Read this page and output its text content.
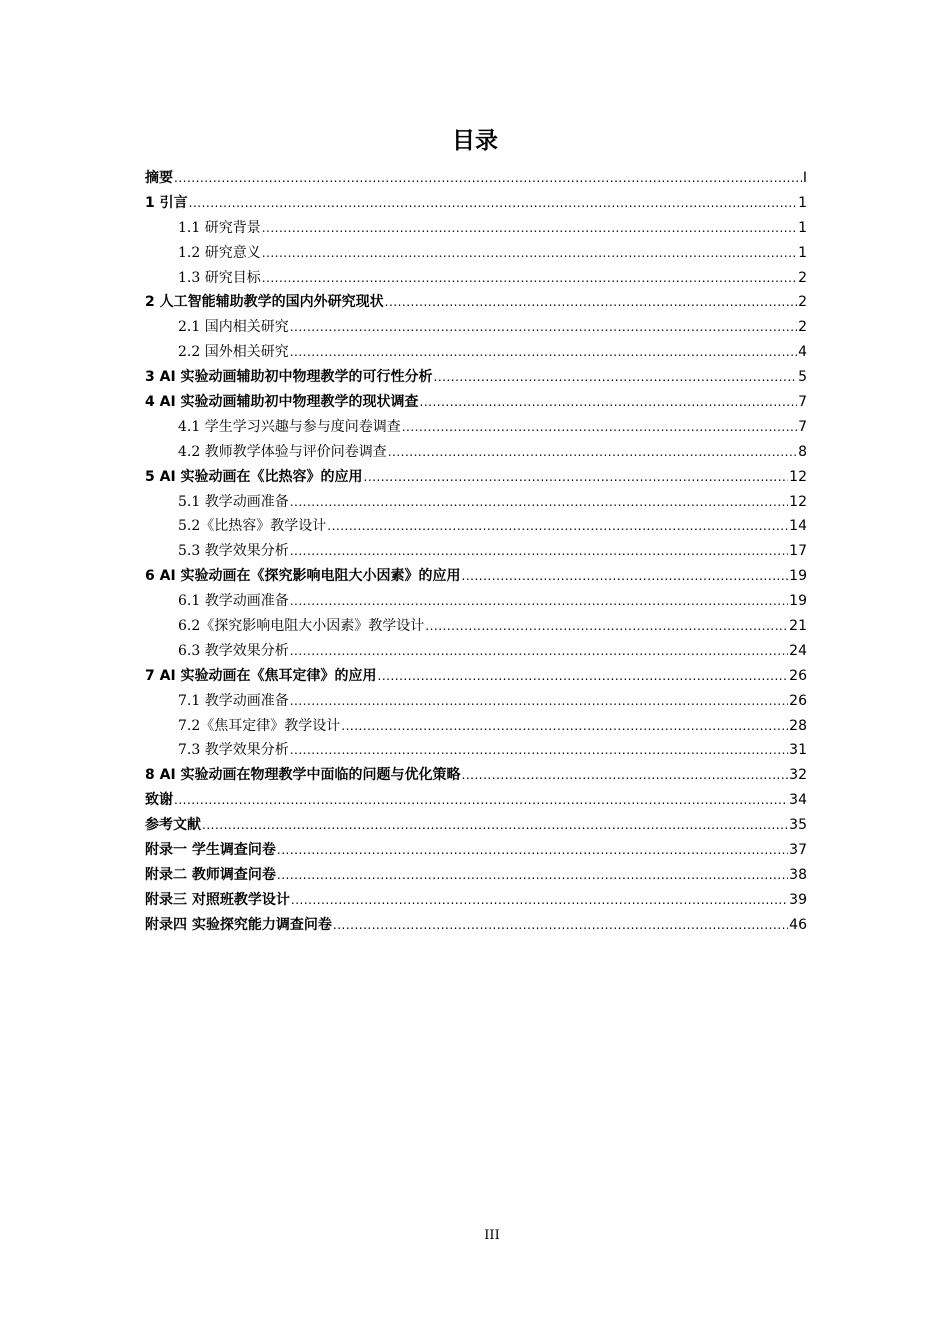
目录
摘要 .....	I
1 引言 .....	1
1.1 研究背景 .....	1
1.2 研究意义 .....	1
1.3 研究目标 .....	2
2 人工智能辅助教学的国内外研究现状 .....	2
2.1 国内相关研究 .....	2
2.2 国外相关研究 .....	4
3 AI 实验动画辅助初中物理教学的可行性分析 .....	5
4 AI 实验动画辅助初中物理教学的现状调查 .....	7
4.1 学生学习兴趣与参与度问卷调查 .....	7
4.2 教师教学体验与评价问卷调查 .....	8
5 AI 实验动画在《比热容》的应用 .....	12
5.1 教学动画准备 .....	12
5.2《比热容》教学设计 .....	14
5.3 教学效果分析 .....	17
6 AI 实验动画在《探究影响电阻大小因素》的应用 .....	19
6.1 教学动画准备 .....	19
6.2《探究影响电阻大小因素》教学设计 .....	21
6.3 教学效果分析 .....	24
7 AI 实验动画在《焦耳定律》的应用 .....	26
7.1 教学动画准备 .....	26
7.2《焦耳定律》教学设计 .....	28
7.3 教学效果分析 .....	31
8 AI 实验动画在物理教学中面临的问题与优化策略 .....	32
致谢 .....	34
参考文献 .....	35
附录一 学生调查问卷 .....	37
附录二 教师调查问卷 .....	38
附录三 对照班教学设计 .....	39
附录四 实验探究能力调查问卷 .....	46
III
